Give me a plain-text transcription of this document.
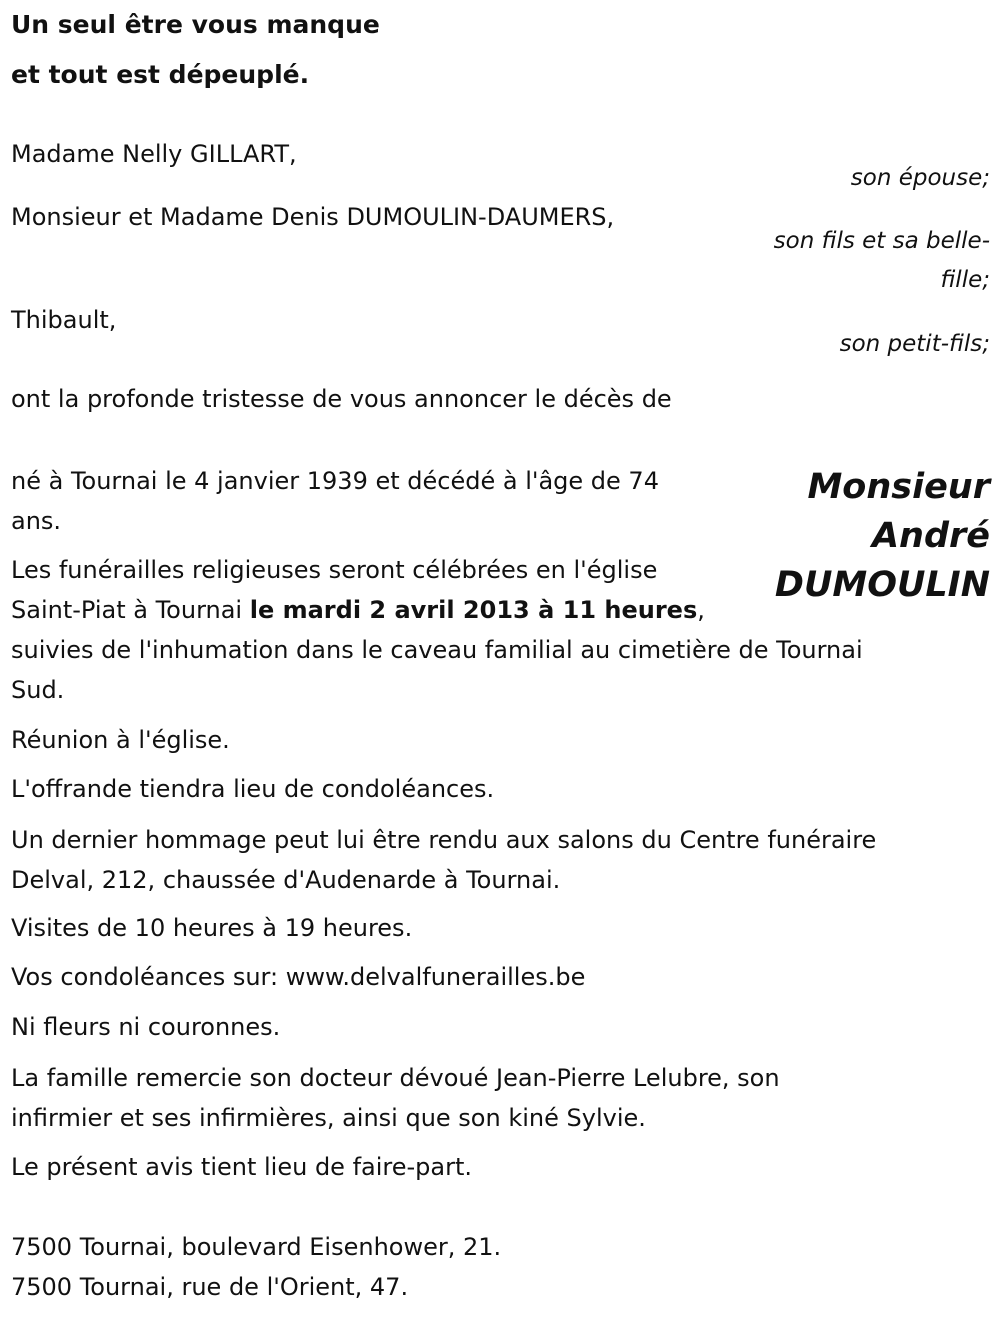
Un seul être vous manque
et tout est dépeuplé.
Madame Nelly GILLART,
son épouse;
Monsieur et Madame Denis DUMOULIN-DAUMERS,
son fils et sa belle-
fille;
Thibault,
son petit-fils;
ont la profonde tristesse de vous annoncer le décès de
Monsieur
André
DUMOULIN
né à Tournai le 4 janvier 1939 et décédé à l'âge de 74
ans.
Les funérailles religieuses seront célébrées en l'église
Saint-Piat à Tournai le mardi 2 avril 2013 à 11 heures,
suivies de l'inhumation dans le caveau familial au cimetière de Tournai
Sud.
Réunion à l'église.
L'offrande tiendra lieu de condoléances.
Un dernier hommage peut lui être rendu aux salons du Centre funéraire
Delval, 212, chaussée d'Audenarde à Tournai.
Visites de 10 heures à 19 heures.
Vos condoléances sur: www.delvalfunerailles.be
Ni fleurs ni couronnes.
La famille remercie son docteur dévoué Jean-Pierre Lelubre, son
infirmier et ses infirmières, ainsi que son kiné Sylvie.
Le présent avis tient lieu de faire-part.
7500 Tournai, boulevard Eisenhower, 21.
7500 Tournai, rue de l'Orient, 47.
